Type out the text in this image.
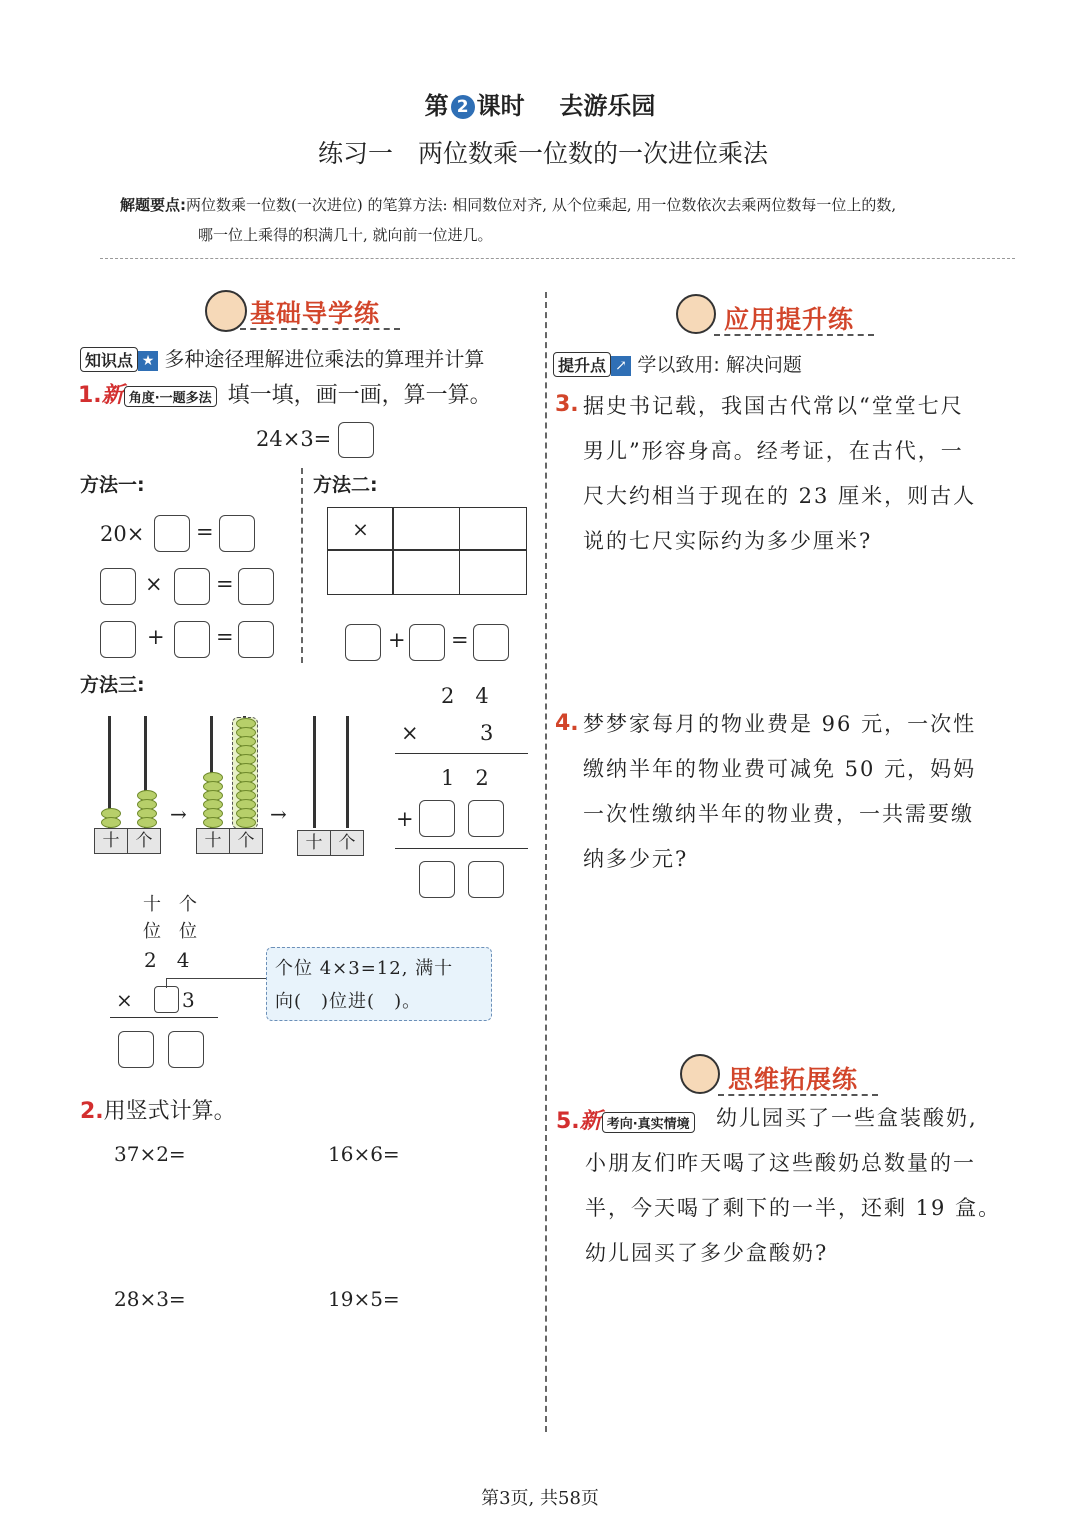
第 2 课时 去游乐园
练习一　两位数乘一位数的一次进位乘法
解题要点:两位数乘一位数(一次进位) 的笔算方法: 相同数位对齐, 从个位乘起, 用一位数依次去乘两位数每一位上的数,
哪一位上乘得的积满几十, 就向前一位进几。
基础导学练
知识点 ★ 多种途径理解进位乘法的算理并计算
1.新 角度·一题多法 填一填，画一画，算一算。
24×3=
方法一:	方法二:
20× =
×	=
+ =
×
+ =
方法三:
十 个
→
十 个
→
十 个
2　4
×	3
1　2
+
十 个
位 位
2　4
× 3
个位 4×3=12, 满十
向(　)位进(　)。
2.用竖式计算。
37×2=	16×6=
28×3=	19×5=
应用提升练
提升点 ↗ 学以致用: 解决问题
3. 据史书记载，我国古代常以“堂堂七尺
男儿”形容身高。经考证，在古代，一
尺大约相当于现在的 23 厘米，则古人
说的七尺实际约为多少厘米?
4. 梦梦家每月的物业费是 96 元，一次性
缴纳半年的物业费可减免 50 元，妈妈
一次性缴纳半年的物业费，一共需要缴
纳多少元?
思维拓展练
5.新 考向·真实情境 幼儿园买了一些盒装酸奶,
小朋友们昨天喝了这些酸奶总数量的一
半，今天喝了剩下的一半，还剩 19 盒。
幼儿园买了多少盒酸奶?
第3页, 共58页
